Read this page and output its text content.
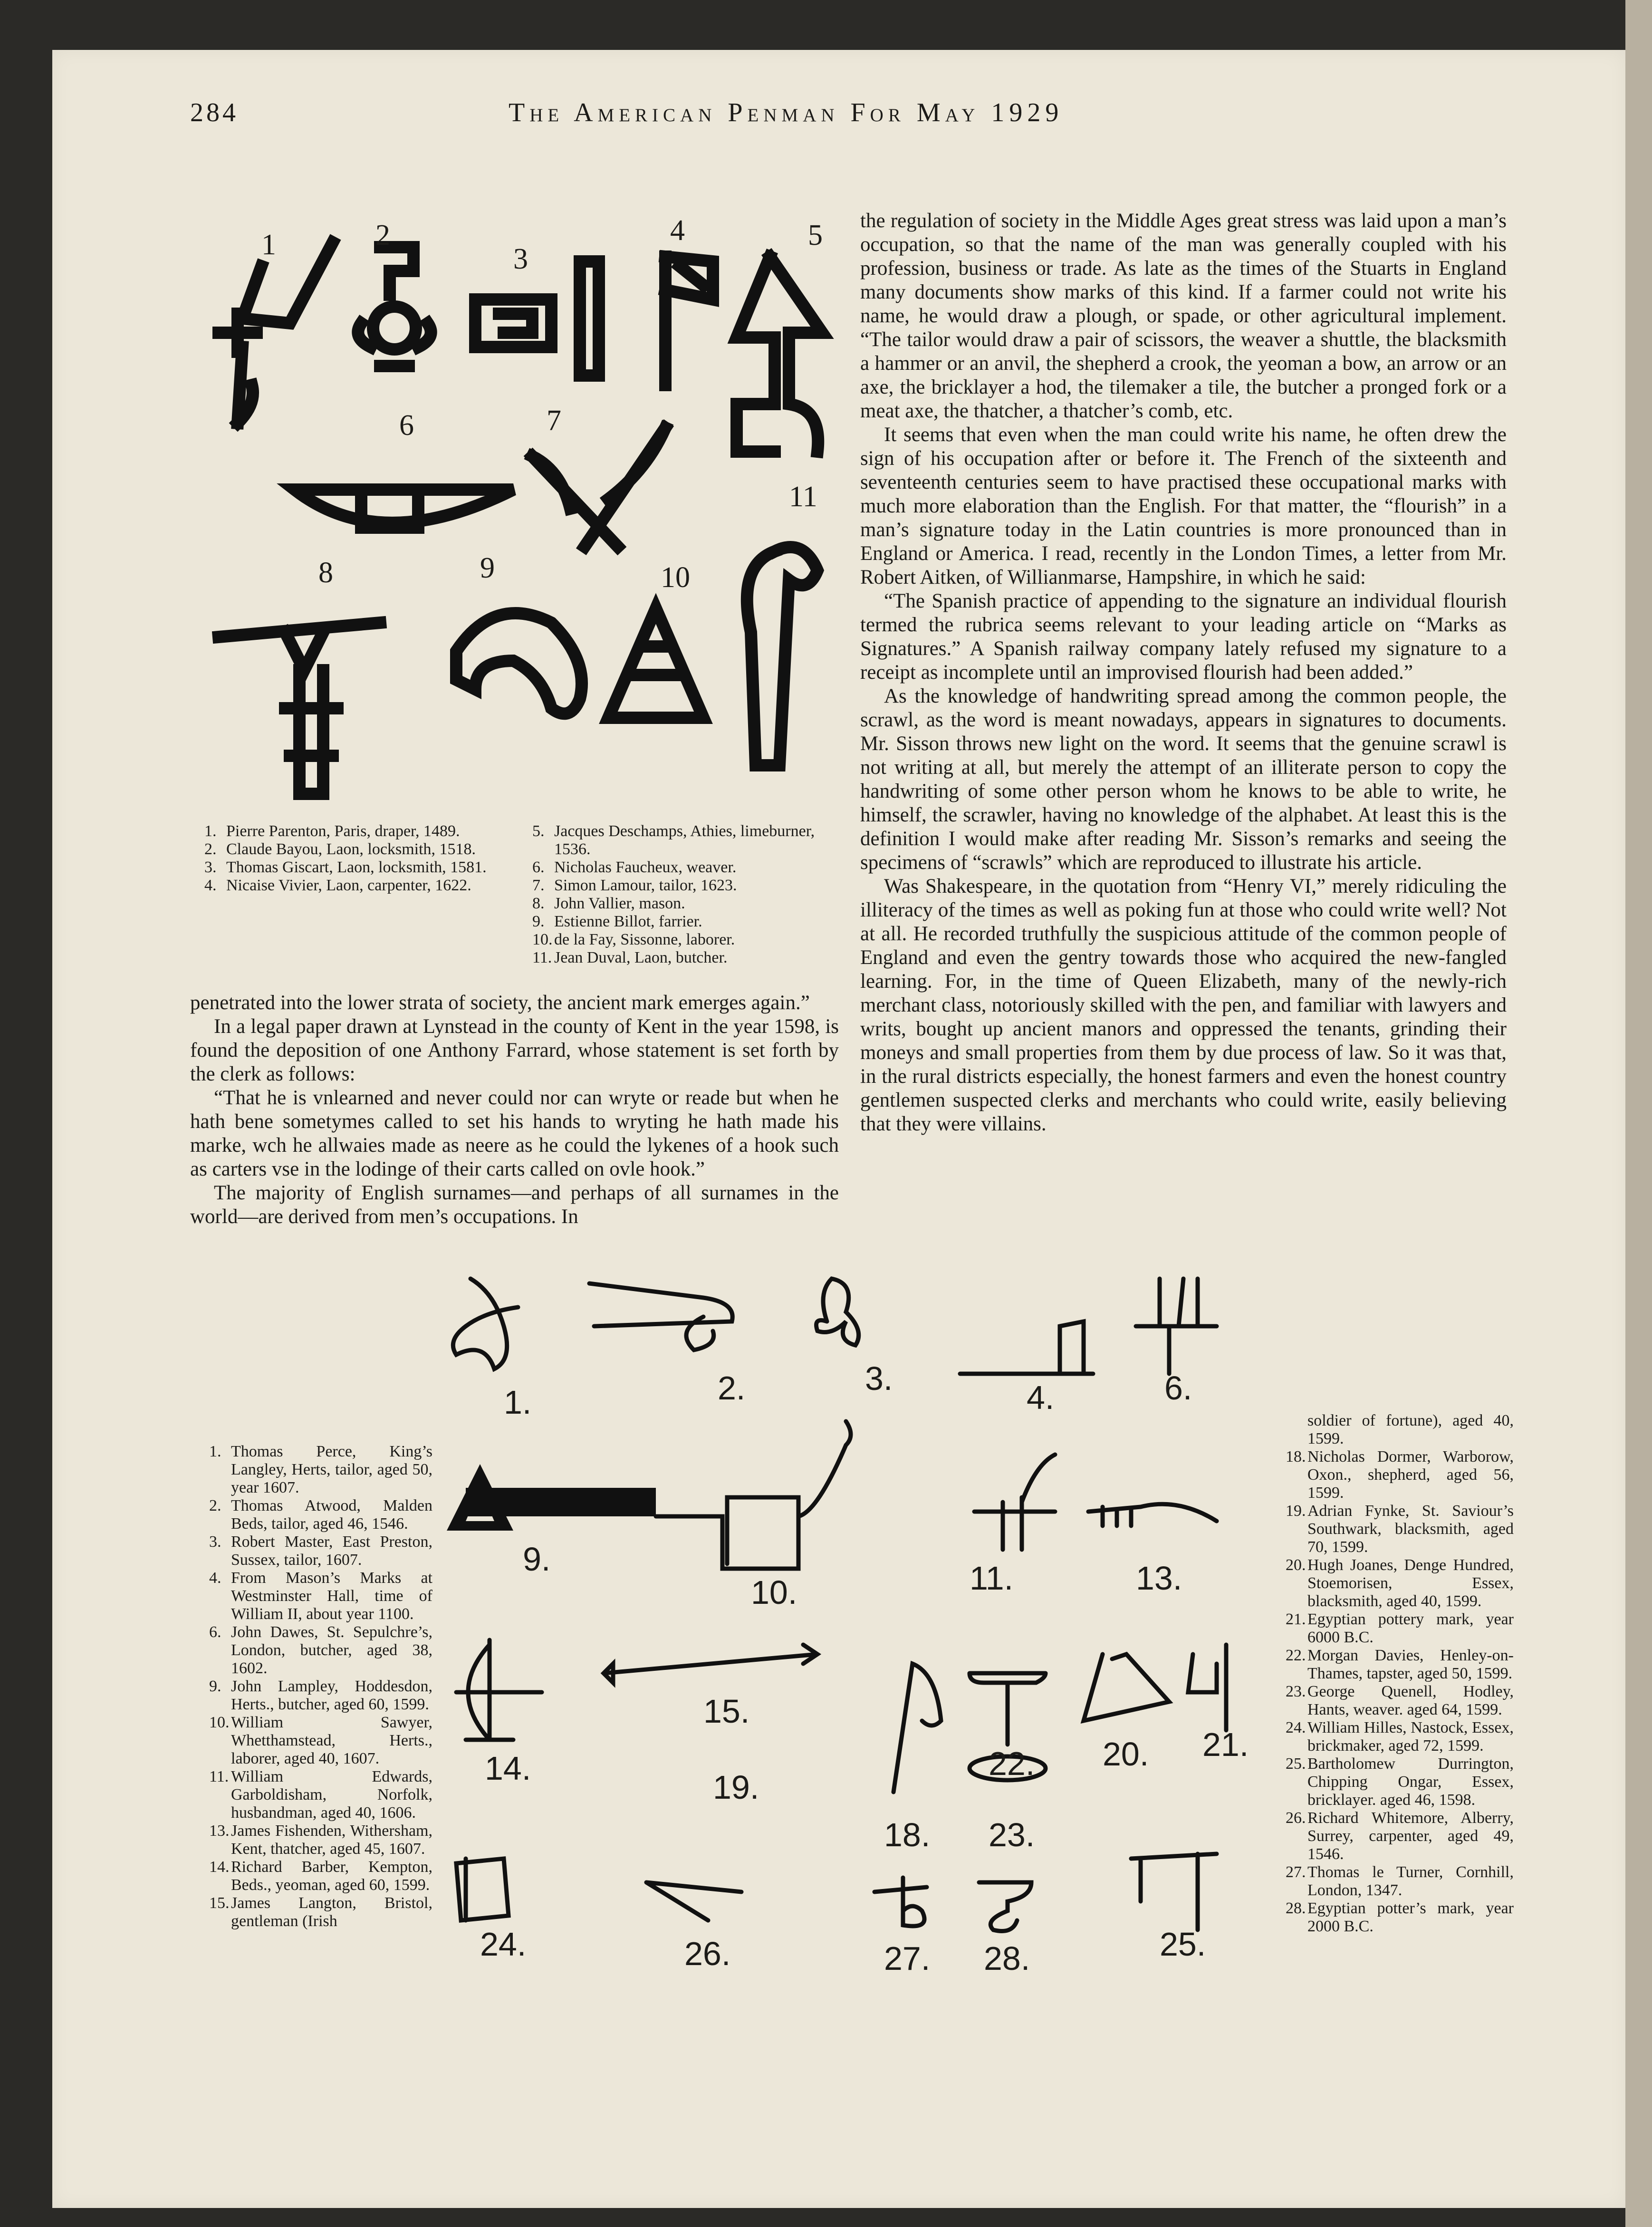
284	The American Penman For May 1929
1	2
3
4	5
6	7
8	9	10
11
1. Pierre Parenton, Paris, draper, 1489.
2. Claude Bayou, Laon, locksmith, 1518.
3. Thomas Giscart, Laon, locksmith, 1581.
4. Nicaise Vivier, Laon, carpenter, 1622.
5. Jacques Deschamps, Athies, limeburner, 1536.
6. Nicholas Faucheux, weaver.
7. Simon Lamour, tailor, 1623.
8. John Vallier, mason.
9. Estienne Billot, farrier.
10. de la Fay, Sissonne, laborer.
11. Jean Duval, Laon, butcher.

penetrated into the lower strata of society, the ancient mark emerges again.”

In a legal paper drawn at Lynstead in the county of Kent in the year 1598, is found the deposition of one Anthony Farrard, whose statement is set forth by the clerk as follows:

“That he is vnlearned and never could nor can wryte or reade but when he hath bene sometymes called to set his hands to wryting he hath made his marke, wch he allwaies made as neere as he could the lykenes of a hook such as carters vse in the lodinge of their carts called on ovle hook.”

The majority of English surnames—and perhaps of all surnames in the world—are derived from men’s occupations. In

the regulation of society in the Middle Ages great stress was laid upon a man’s occupation, so that the name of the man was generally coupled with his profession, business or trade. As late as the times of the Stuarts in England many documents show marks of this kind. If a farmer could not write his name, he would draw a plough, or spade, or other agricultural implement. “The tailor would draw a pair of scissors, the weaver a shuttle, the blacksmith a hammer or an anvil, the shepherd a crook, the yeoman a bow, an arrow or an axe, the bricklayer a hod, the tilemaker a tile, the butcher a pronged fork or a meat axe, the thatcher, a thatcher’s comb, etc.

It seems that even when the man could write his name, he often drew the sign of his occupation after or before it. The French of the sixteenth and seventeenth centuries seem to have practised these occupational marks with much more elaboration than the English. For that matter, the “flourish” in a man’s signature today in the Latin countries is more pronounced than in England or America. I read, recently in the London Times, a letter from Mr. Robert Aitken, of Willianmarse, Hampshire, in which he said:

“The Spanish practice of appending to the signature an individual flourish termed the rubrica seems relevant to your leading article on “Marks as Signatures.” A Spanish railway company lately refused my signature to a receipt as incomplete until an improvised flourish had been added.”

As the knowledge of handwriting spread among the common people, the scrawl, as the word is meant nowadays, appears in signatures to documents. Mr. Sisson throws new light on the word. It seems that the genuine scrawl is not writing at all, but merely the attempt of an illiterate person to copy the handwriting of some other person whom he knows to be able to write, he himself, the scrawler, having no knowledge of the alphabet. At least this is the definition I would make after reading Mr. Sisson’s remarks and seeing the specimens of “scrawls” which are reproduced to illustrate his article.

Was Shakespeare, in the quotation from “Henry VI,” merely ridiculing the illiteracy of the times as well as poking fun at those who could write well? Not at all. He recorded truthfully the suspicious attitude of the common people of England and even the gentry towards those who acquired the new-fangled learning. For, in the time of Queen Elizabeth, many of the newly-rich merchant class, notoriously skilled with the pen, and familiar with lawyers and writs, bought up ancient manors and oppressed the tenants, grinding their moneys and small properties from them by due process of law. So it was that, in the rural districts especially, the honest farmers and even the honest country gentlemen suspected clerks and merchants who could write, easily believing that they were villains.

1.	2.	3.
4.	6.
9.
10.	11.	13.
14.
15.
19.
18.
22.
23.
20. 21.
24.	26.	27. 28.	25.
1. Thomas Perce, King’s Langley, Herts, tailor, aged 50, year 1607.
2. Thomas Atwood, Malden Beds, tailor, aged 46, 1546.
3. Robert Master, East Preston, Sussex, tailor, 1607.
4. From Mason’s Marks at Westminster Hall, time of William II, about year 1100.
6. John Dawes, St. Sepulchre’s, London, butcher, aged 38, 1602.
9. John Lampley, Hoddesdon, Herts., butcher, aged 60, 1599.
10. William Sawyer, Whetthamstead, Herts., laborer, aged 40, 1607.
11. William Edwards, Garboldisham, Norfolk, husbandman, aged 40, 1606.
13. James Fishenden, Withersham, Kent, thatcher, aged 45, 1607.
14. Richard Barber, Kempton, Beds., yeoman, aged 60, 1599.
15. James Langton, Bristol, gentleman (Irish
soldier of fortune), aged 40, 1599.
18. Nicholas Dormer, Warborow, Oxon., shepherd, aged 56, 1599.
19. Adrian Fynke, St. Saviour’s Southwark, blacksmith, aged 70, 1599.
20. Hugh Joanes, Denge Hundred, Stoemorisen, Essex, blacksmith, aged 40, 1599.
21. Egyptian pottery mark, year 6000 B.C.
22. Morgan Davies, Henley-on-Thames, tapster, aged 50, 1599.
23. George Quenell, Hodley, Hants, weaver. aged 64, 1599.
24. William Hilles, Nastock, Essex, brickmaker, aged 72, 1599.
25. Bartholomew Durrington, Chipping Ongar, Essex, bricklayer. aged 46, 1598.
26. Richard Whitemore, Alberry, Surrey, carpenter, aged 49, 1546.
27. Thomas le Turner, Cornhill, London, 1347.
28. Egyptian potter’s mark, year 2000 B.C.
